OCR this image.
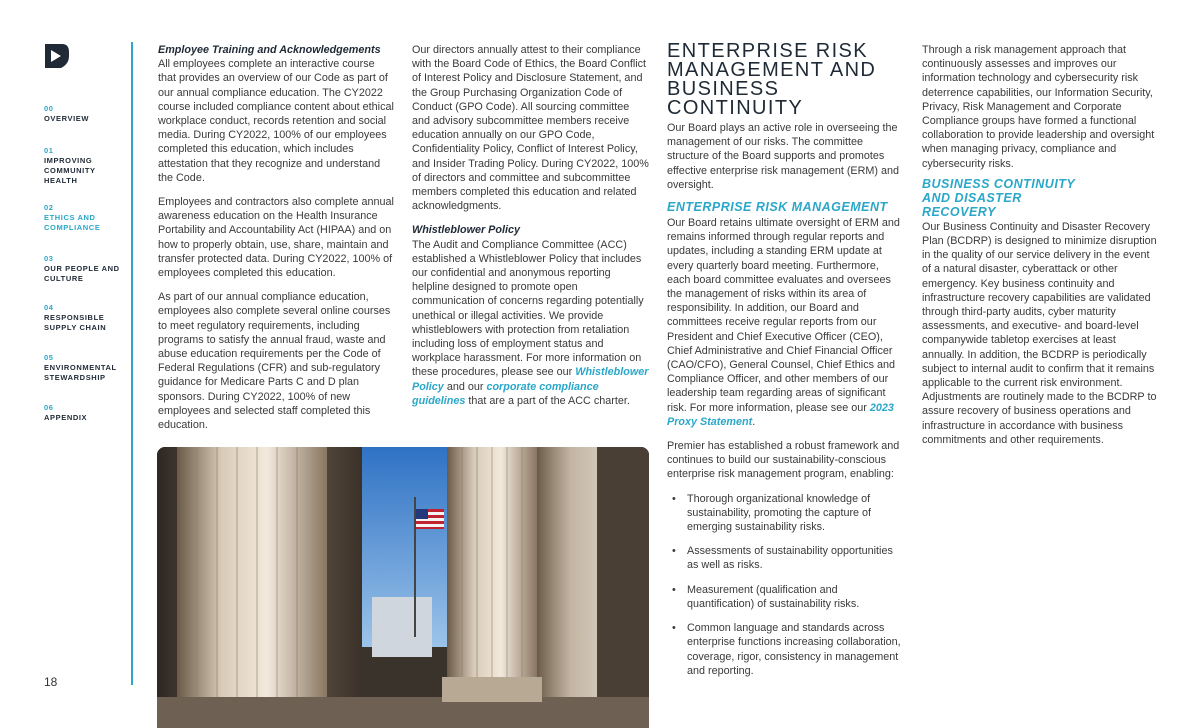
00
OVERVIEW
01
IMPROVING COMMUNITY HEALTH
02
ETHICS AND COMPLIANCE
03
OUR PEOPLE AND CULTURE
04
RESPONSIBLE SUPPLY CHAIN
05
ENVIRONMENTAL STEWARDSHIP
06
APPENDIX
18

Employee Training and Acknowledgements
All employees complete an interactive course that provides an overview of our Code as part of our annual compliance education. The CY2022 course included compliance content about ethical workplace conduct, records retention and social media. During CY2022, 100% of our employees completed this education, which includes attestation that they recognize and understand the Code.

Employees and contractors also complete annual awareness education on the Health Insurance Portability and Accountability Act (HIPAA) and on how to properly obtain, use, share, maintain and transfer protected data. During CY2022, 100% of employees completed this education.

As part of our annual compliance education, employees also complete several online courses to meet regulatory requirements, including programs to satisfy the annual fraud, waste and abuse education requirements per the Code of Federal Regulations (CFR) and sub-regulatory guidance for Medicare Parts C and D plan sponsors. During CY2022, 100% of new employees and selected staff completed this education.

Our directors annually attest to their compliance with the Board Code of Ethics, the Board Conflict of Interest Policy and Disclosure Statement, and the Group Purchasing Organization Code of Conduct (GPO Code). All sourcing committee and advisory subcommittee members receive education annually on our GPO Code, Confidentiality Policy, Conflict of Interest Policy, and Insider Trading Policy. During CY2022, 100% of directors and committee and subcommittee members completed this education and related acknowledgments.

Whistleblower Policy
The Audit and Compliance Committee (ACC) established a Whistleblower Policy that includes our confidential and anonymous reporting helpline designed to promote open communication of concerns regarding potentially unethical or illegal activities. We provide whistleblowers with protection from retaliation including loss of employment status and workplace harassment. For more information on these procedures, please see our Whistleblower Policy and our corporate compliance guidelines that are a part of the ACC charter.

ENTERPRISE RISK MANAGEMENT AND BUSINESS CONTINUITY

Our Board plays an active role in overseeing the management of our risks. The committee structure of the Board supports and promotes effective enterprise risk management (ERM) and oversight.

ENTERPRISE RISK MANAGEMENT

Our Board retains ultimate oversight of ERM and remains informed through regular reports and updates, including a standing ERM update at every quarterly board meeting. Furthermore, each board committee evaluates and oversees the management of risks within its area of responsibility. In addition, our Board and committees receive regular reports from our President and Chief Executive Officer (CEO), Chief Administrative and Chief Financial Officer (CAO/CFO), General Counsel, Chief Ethics and Compliance Officer, and other members of our leadership team regarding areas of significant risk. For more information, please see our 2023 Proxy Statement.

Premier has established a robust framework and continues to build our sustainability-conscious enterprise risk management program, enabling:

• Thorough organizational knowledge of sustainability, promoting the capture of emerging sustainability risks.
• Assessments of sustainability opportunities as well as risks.
• Measurement (qualification and quantification) of sustainability risks.
• Common language and standards across enterprise functions increasing collaboration, coverage, rigor, consistency in management and reporting.

Through a risk management approach that continuously assesses and improves our information technology and cybersecurity risk deterrence capabilities, our Information Security, Privacy, Risk Management and Corporate Compliance groups have formed a functional collaboration to provide leadership and oversight when managing privacy, compliance and cybersecurity risks.

BUSINESS CONTINUITY AND DISASTER RECOVERY

Our Business Continuity and Disaster Recovery Plan (BCDRP) is designed to minimize disruption in the quality of our service delivery in the event of a natural disaster, cyberattack or other emergency. Key business continuity and infrastructure recovery capabilities are validated through third-party audits, cyber maturity assessments, and executive- and board-level companywide tabletop exercises at least annually. In addition, the BCDRP is periodically subject to internal audit to confirm that it remains applicable to the current risk environment. Adjustments are routinely made to the BCDRP to assure recovery of business operations and infrastructure in accordance with business commitments and other requirements.
